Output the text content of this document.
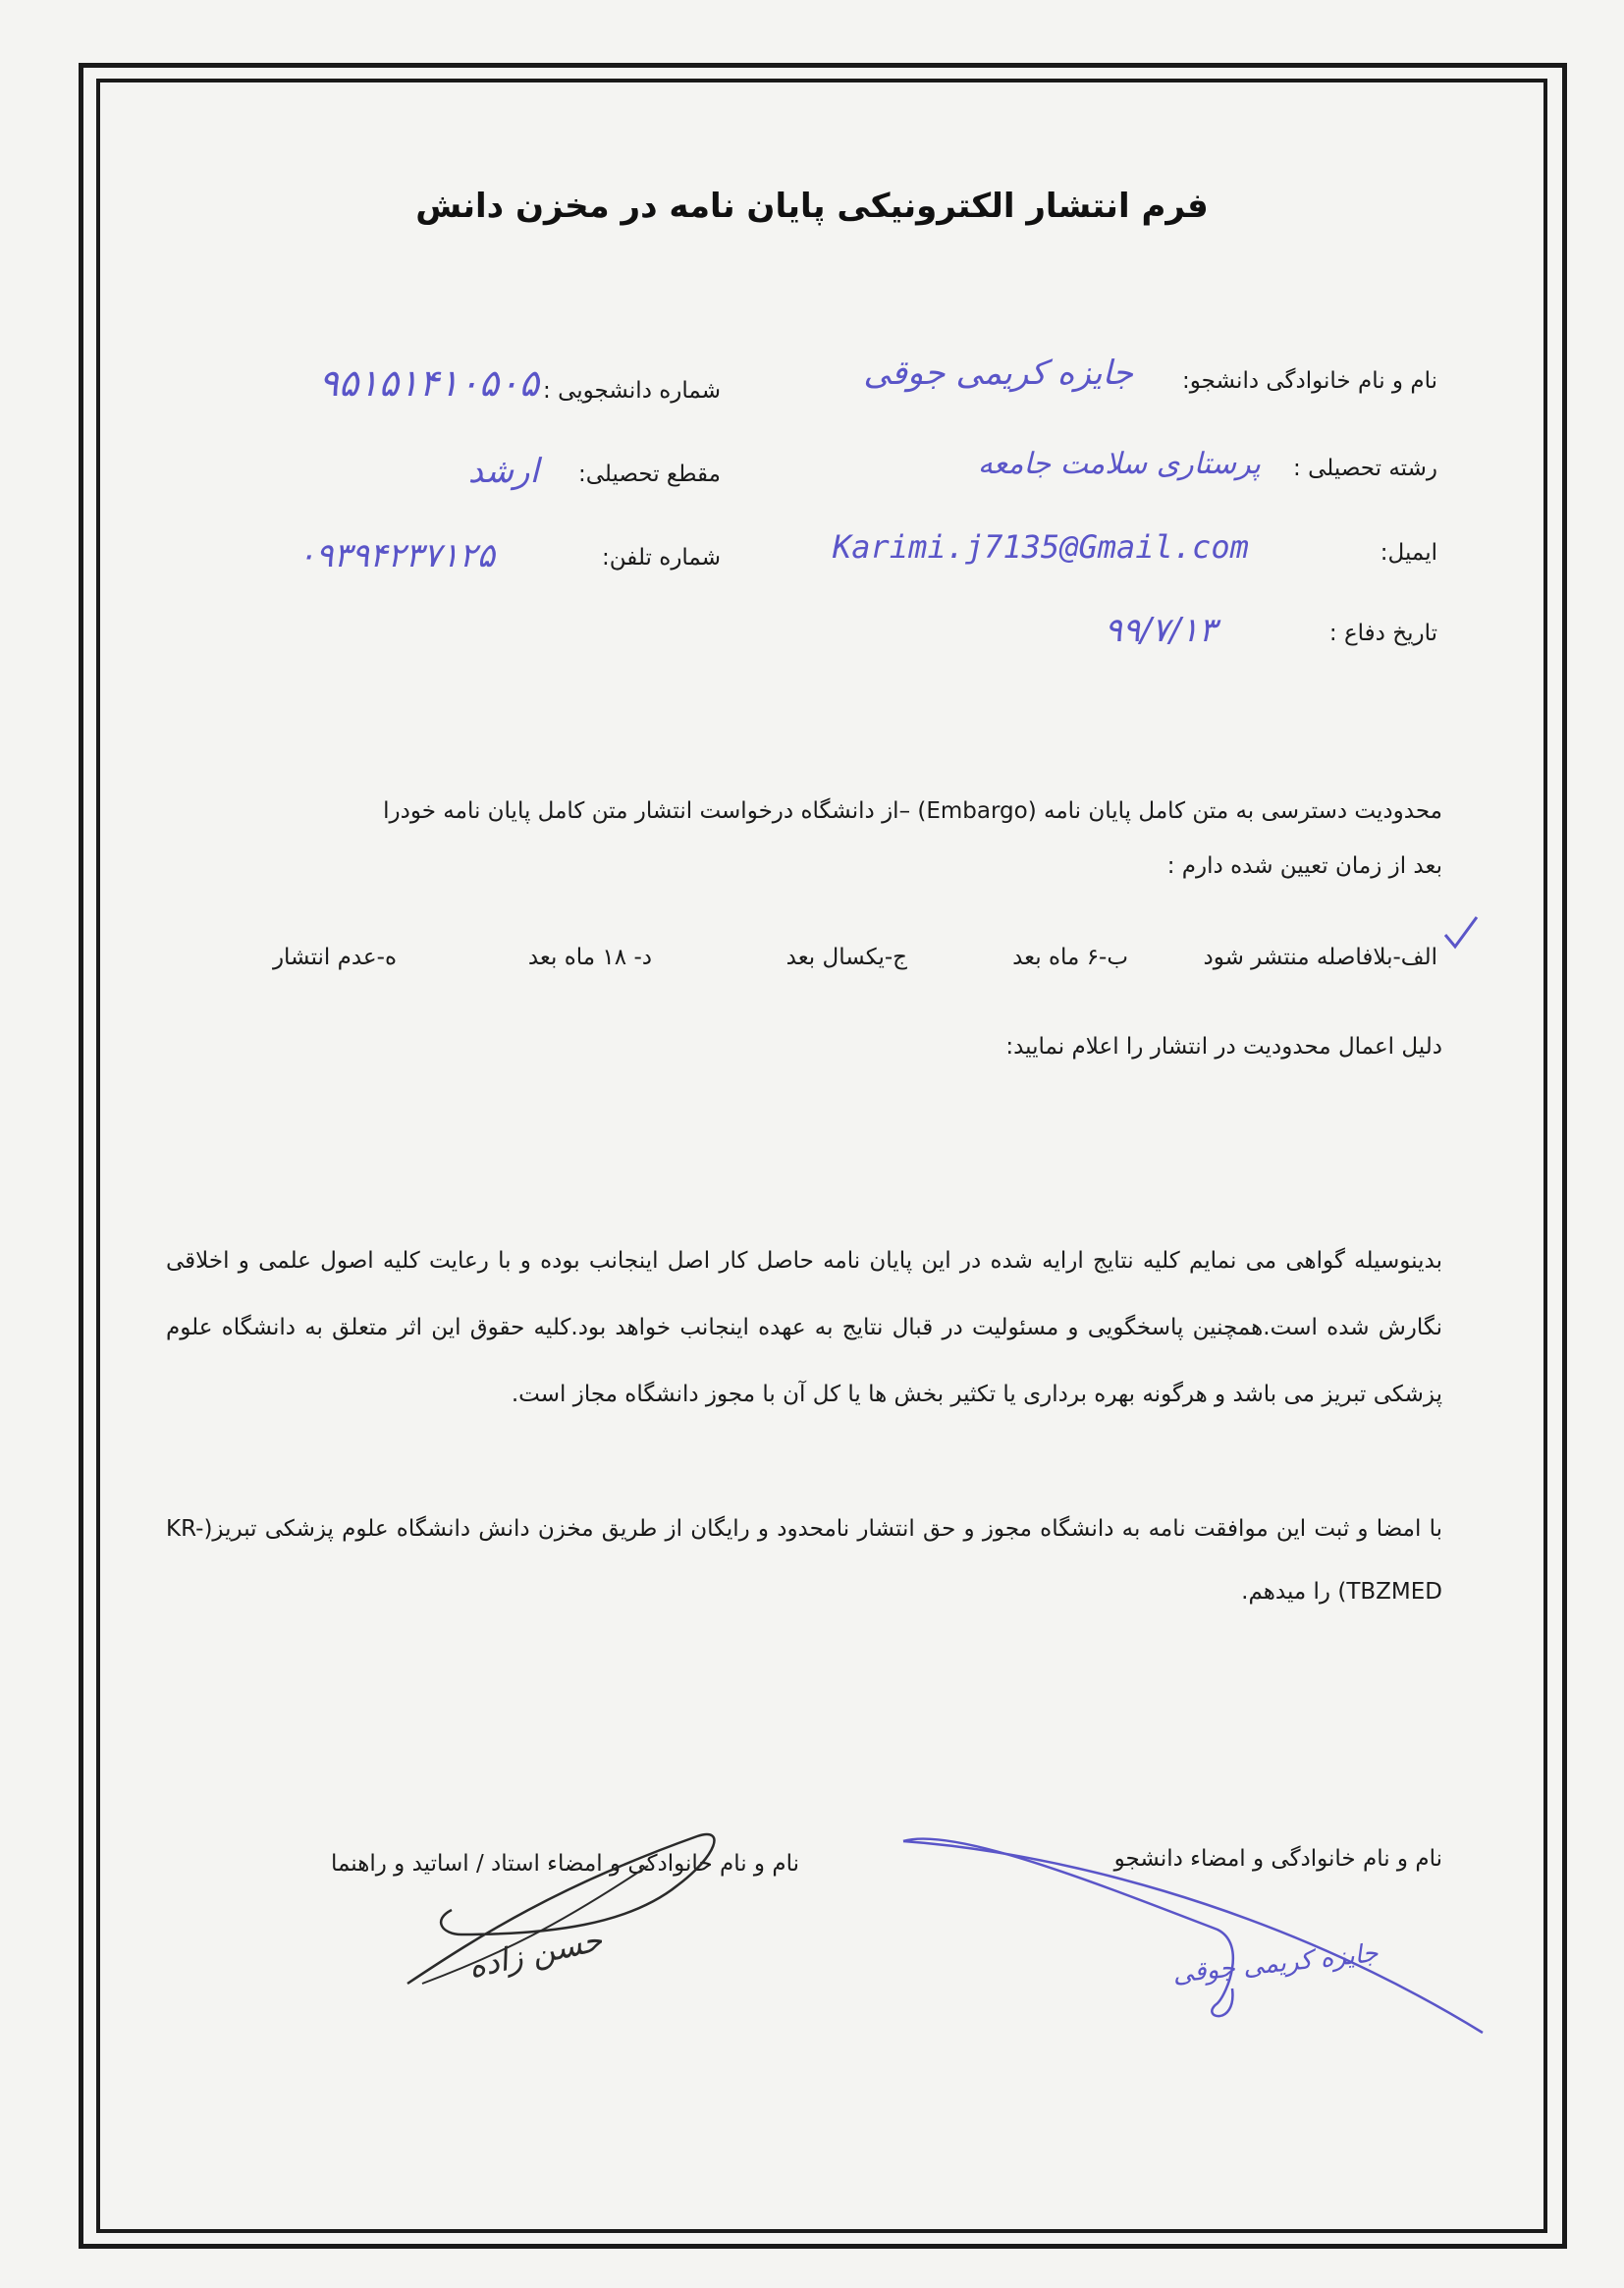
فرم انتشار الکترونیکی پایان نامه در مخزن دانش
نام و نام خانوادگی دانشجو:
جایزه کریمی جوقی
شماره دانشجویی :
۹۵۱۵۱۴۱۰۵۰۵
رشته تحصیلی :
پرستاری سلامت جامعه
مقطع تحصیلی:
ارشد
ایمیل:
Karimi.j7135@Gmail.com
شماره تلفن:
۰۹۳۹۴۲۳۷۱۲۵
تاریخ دفاع :
۹۹/۷/۱۳
محدودیت دسترسی به متن کامل پایان نامه (Embargo) –از دانشگاه درخواست انتشار متن کامل پایان نامه خودرا
بعد از زمان تعیین شده دارم :
الف-بلافاصله منتشر شود
ب-۶ ماه بعد
ج-یکسال بعد
د- ۱۸ ماه بعد
ه-عدم انتشار
دلیل اعمال محدودیت در انتشار را اعلام نمایید:
بدینوسیله گواهی می نمایم کلیه نتایج ارایه شده در این پایان نامه حاصل کار اصل اینجانب بوده و با رعایت کلیه اصول علمی و اخلاقی نگارش شده است.همچنین پاسخگویی و مسئولیت در قبال نتایج به عهده اینجانب خواهد بود.کلیه حقوق این اثر متعلق به دانشگاه علوم پزشکی تبریز می باشد و هرگونه بهره برداری یا تکثیر بخش ها یا کل آن با مجوز دانشگاه مجاز است.
با امضا و ثبت این موافقت نامه به دانشگاه مجوز و حق انتشار نامحدود و رایگان از طریق مخزن دانش دانشگاه علوم پزشکی تبریز(KR-TBZMED) را میدهم.
نام و نام خانوادگی و امضاء دانشجو
نام و نام خانوادگی و امضاء استاد / اساتید و راهنما
جایزه کریمی جوقی
حسن زاده
